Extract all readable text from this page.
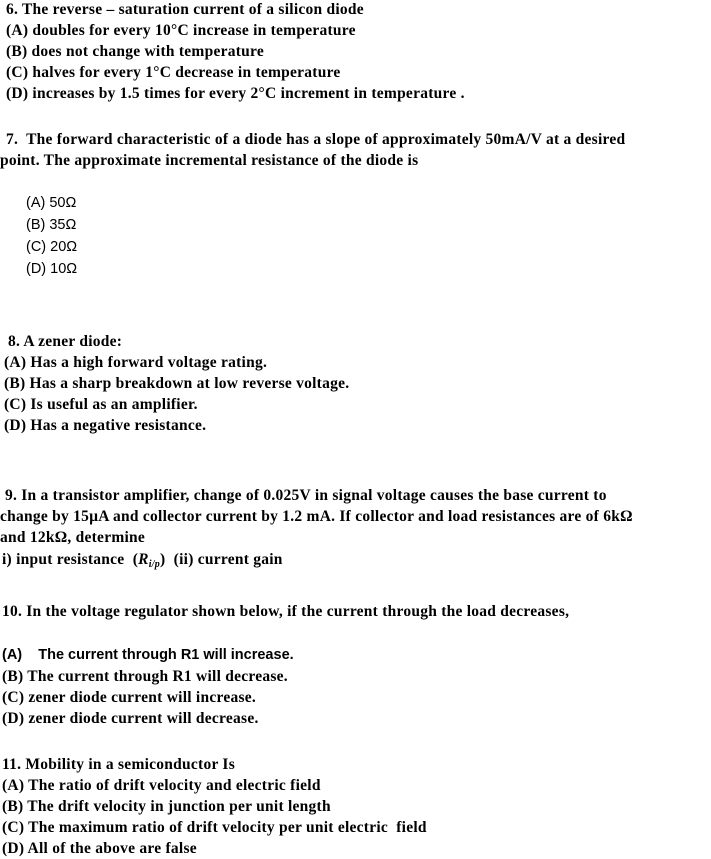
6. The reverse – saturation current of a silicon diode
(A) doubles for every 10°C increase in temperature
(B) does not change with temperature
(C) halves for every 1°C decrease in temperature
(D) increases by 1.5 times for every 2°C increment in temperature .
7.  The forward characteristic of a diode has a slope of approximately 50mA/V at a desired
point. The approximate incremental resistance of the diode is
(A) 50Ω
(B) 35Ω
(C) 20Ω
(D) 10Ω
8. A zener diode:
(A) Has a high forward voltage rating.
(B) Has a sharp breakdown at low reverse voltage.
(C) Is useful as an amplifier.
(D) Has a negative resistance.
9. In a transistor amplifier, change of 0.025V in signal voltage causes the base current to
change by 15µA and collector current by 1.2 mA. If collector and load resistances are of 6kΩ
and 12kΩ, determine
i) input resistance  $(R_{i/p})$  (ii) current gain
10. In the voltage regulator shown below, if the current through the load decreases,
(A)    The current through R1 will increase.
(B) The current through R1 will decrease.
(C) zener diode current will increase.
(D) zener diode current will decrease.
11. Mobility in a semiconductor Is
(A) The ratio of drift velocity and electric field
(B) The drift velocity in junction per unit length
(C) The maximum ratio of drift velocity per unit electric  field
(D) All of the above are false
